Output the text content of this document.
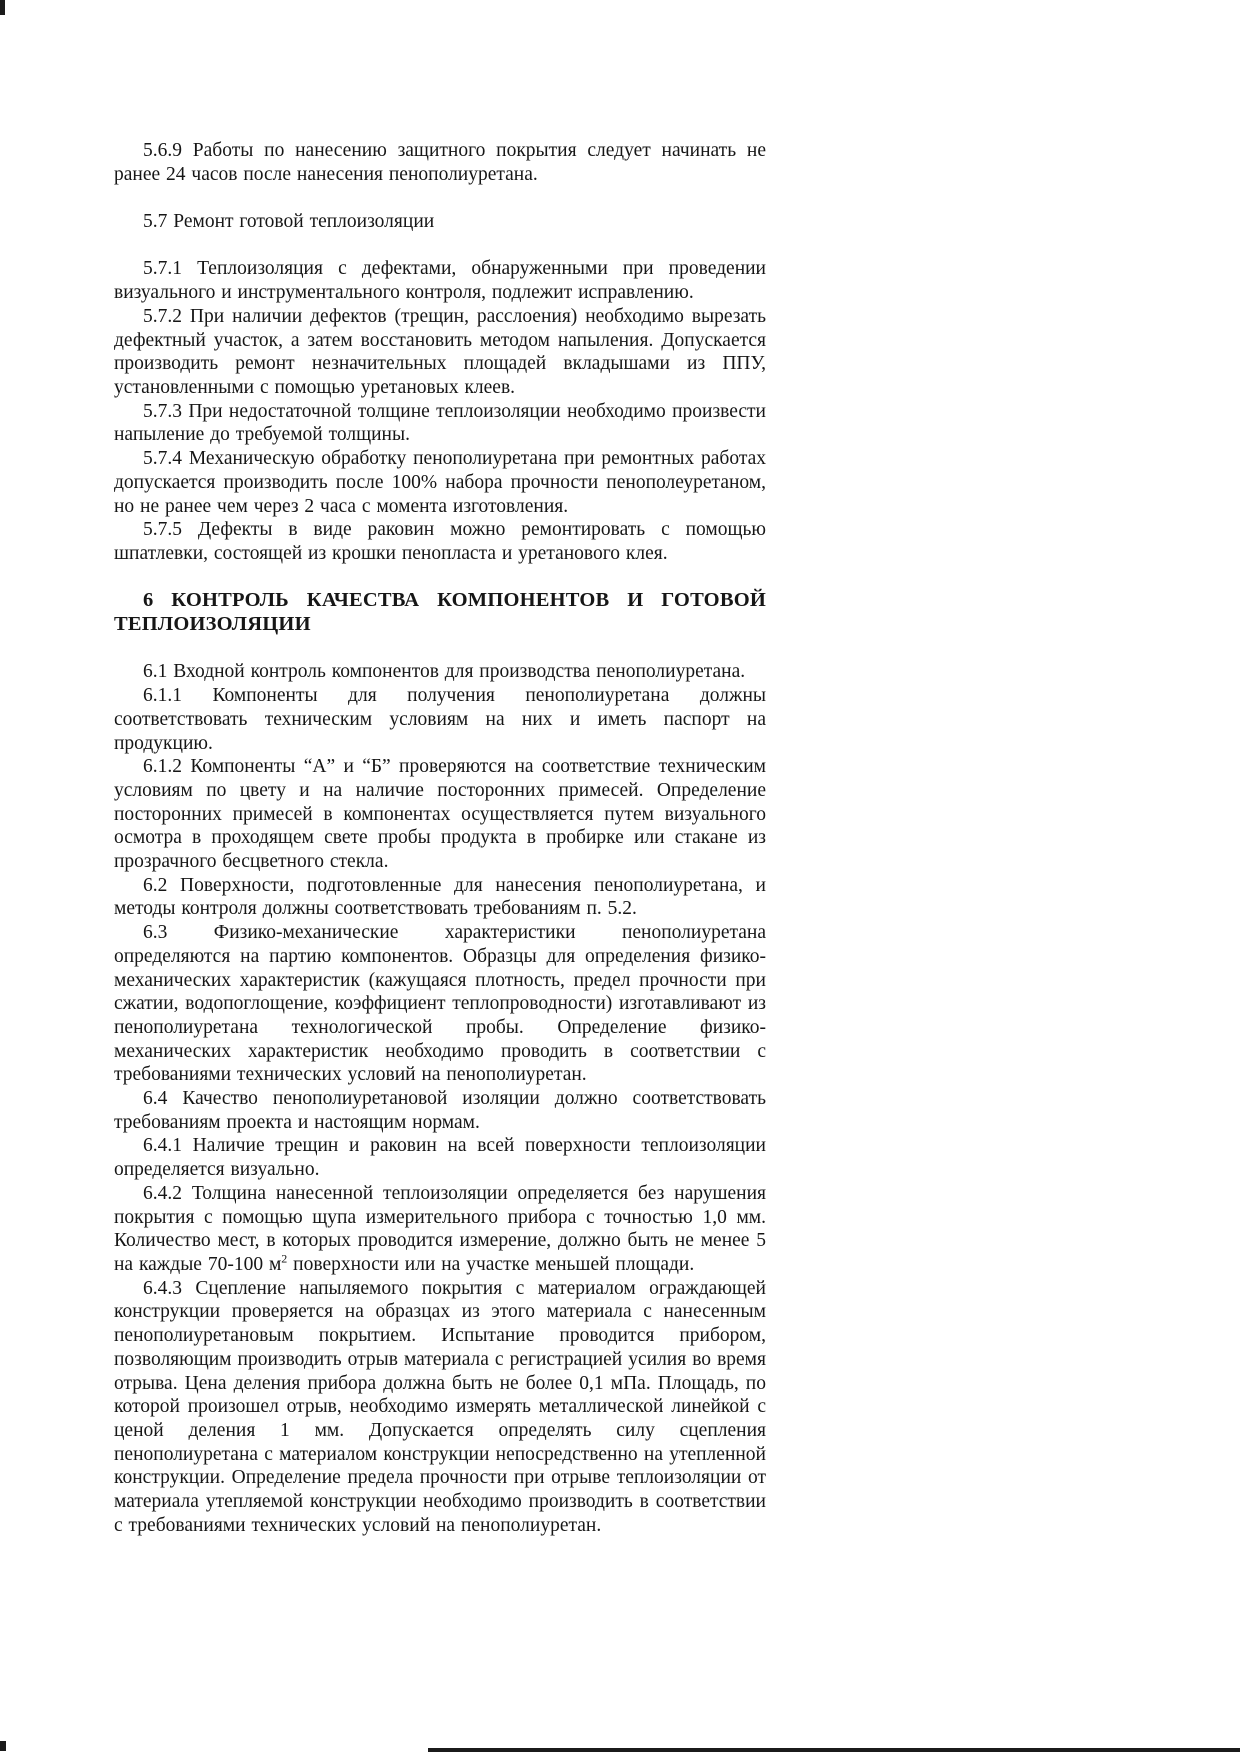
5.6.9 Работы по нанесению защитного покрытия следует начинать не ранее 24 часов после нанесения пенополиуретана.

5.7 Ремонт готовой теплоизоляции

5.7.1 Теплоизоляция с дефектами, обнаруженными при проведении визуального и инструментального контроля, подлежит исправлению.

5.7.2 При наличии дефектов (трещин, расслоения) необходимо вырезать дефектный участок, а затем восстановить методом напыления. Допускается производить ремонт незначительных площадей вкладышами из ППУ, установленными с помощью уретановых клеев.

5.7.3 При недостаточной толщине теплоизоляции необходимо произвести напыление до требуемой толщины.

5.7.4 Механическую обработку пенополиуретана при ремонтных работах допускается производить после 100% набора прочности пенополеуретаном, но не ранее чем через 2 часа с момента изготовления.

5.7.5 Дефекты в виде раковин можно ремонтировать с помощью шпатлевки, состоящей из крошки пенопласта и уретанового клея.

6 КОНТРОЛЬ КАЧЕСТВА КОМПОНЕНТОВ И ГОТОВОЙ ТЕПЛОИЗОЛЯЦИИ

6.1 Входной контроль компонентов для производства пенополиуретана.

6.1.1 Компоненты для получения пенополиуретана должны соответствовать техническим условиям на них и иметь паспорт на продукцию.

6.1.2 Компоненты “А” и “Б” проверяются на соответствие техническим условиям по цвету и на наличие посторонних примесей. Определение посторонних примесей в компонентах осуществляется путем визуального осмотра в проходящем свете пробы продукта в пробирке или стакане из прозрачного бесцветного стекла.

6.2 Поверхности, подготовленные для нанесения пенополиуретана, и методы контроля должны соответствовать требованиям п. 5.2.

6.3 Физико-механические характеристики пенополиуретана определяются на партию компонентов. Образцы для определения физико-механических характеристик (кажущаяся плотность, предел прочности при сжатии, водопоглощение, коэффициент теплопроводности) изготавливают из пенополиуретана технологической пробы. Определение физико-механических характеристик необходимо проводить в соответствии с требованиями технических условий на пенополиуретан.

6.4 Качество пенополиуретановой изоляции должно соответствовать требованиям проекта и настоящим нормам.

6.4.1 Наличие трещин и раковин на всей поверхности теплоизоляции определяется визуально.

6.4.2 Толщина нанесенной теплоизоляции определяется без нарушения покрытия с помощью щупа измерительного прибора с точностью 1,0 мм. Количество мест, в которых проводится измерение, должно быть не менее 5 на каждые 70-100 $м^2$ поверхности или на участке меньшей площади.

6.4.3 Сцепление напыляемого покрытия с материалом ограждающей конструкции проверяется на образцах из этого материала с нанесенным пенополиуретановым покрытием. Испытание проводится прибором, позволяющим производить отрыв материала с регистрацией усилия во время отрыва. Цена деления прибора должна быть не более 0,1 мПа. Площадь, по которой произошел отрыв, необходимо измерять металлической линейкой с ценой деления 1 мм. Допускается определять силу сцепления пенополиуретана с материалом конструкции непосредственно на утепленной конструкции. Определение предела прочности при отрыве теплоизоляции от материала утепляемой конструкции необходимо производить в соответствии с требованиями технических условий на пенополиуретан.
